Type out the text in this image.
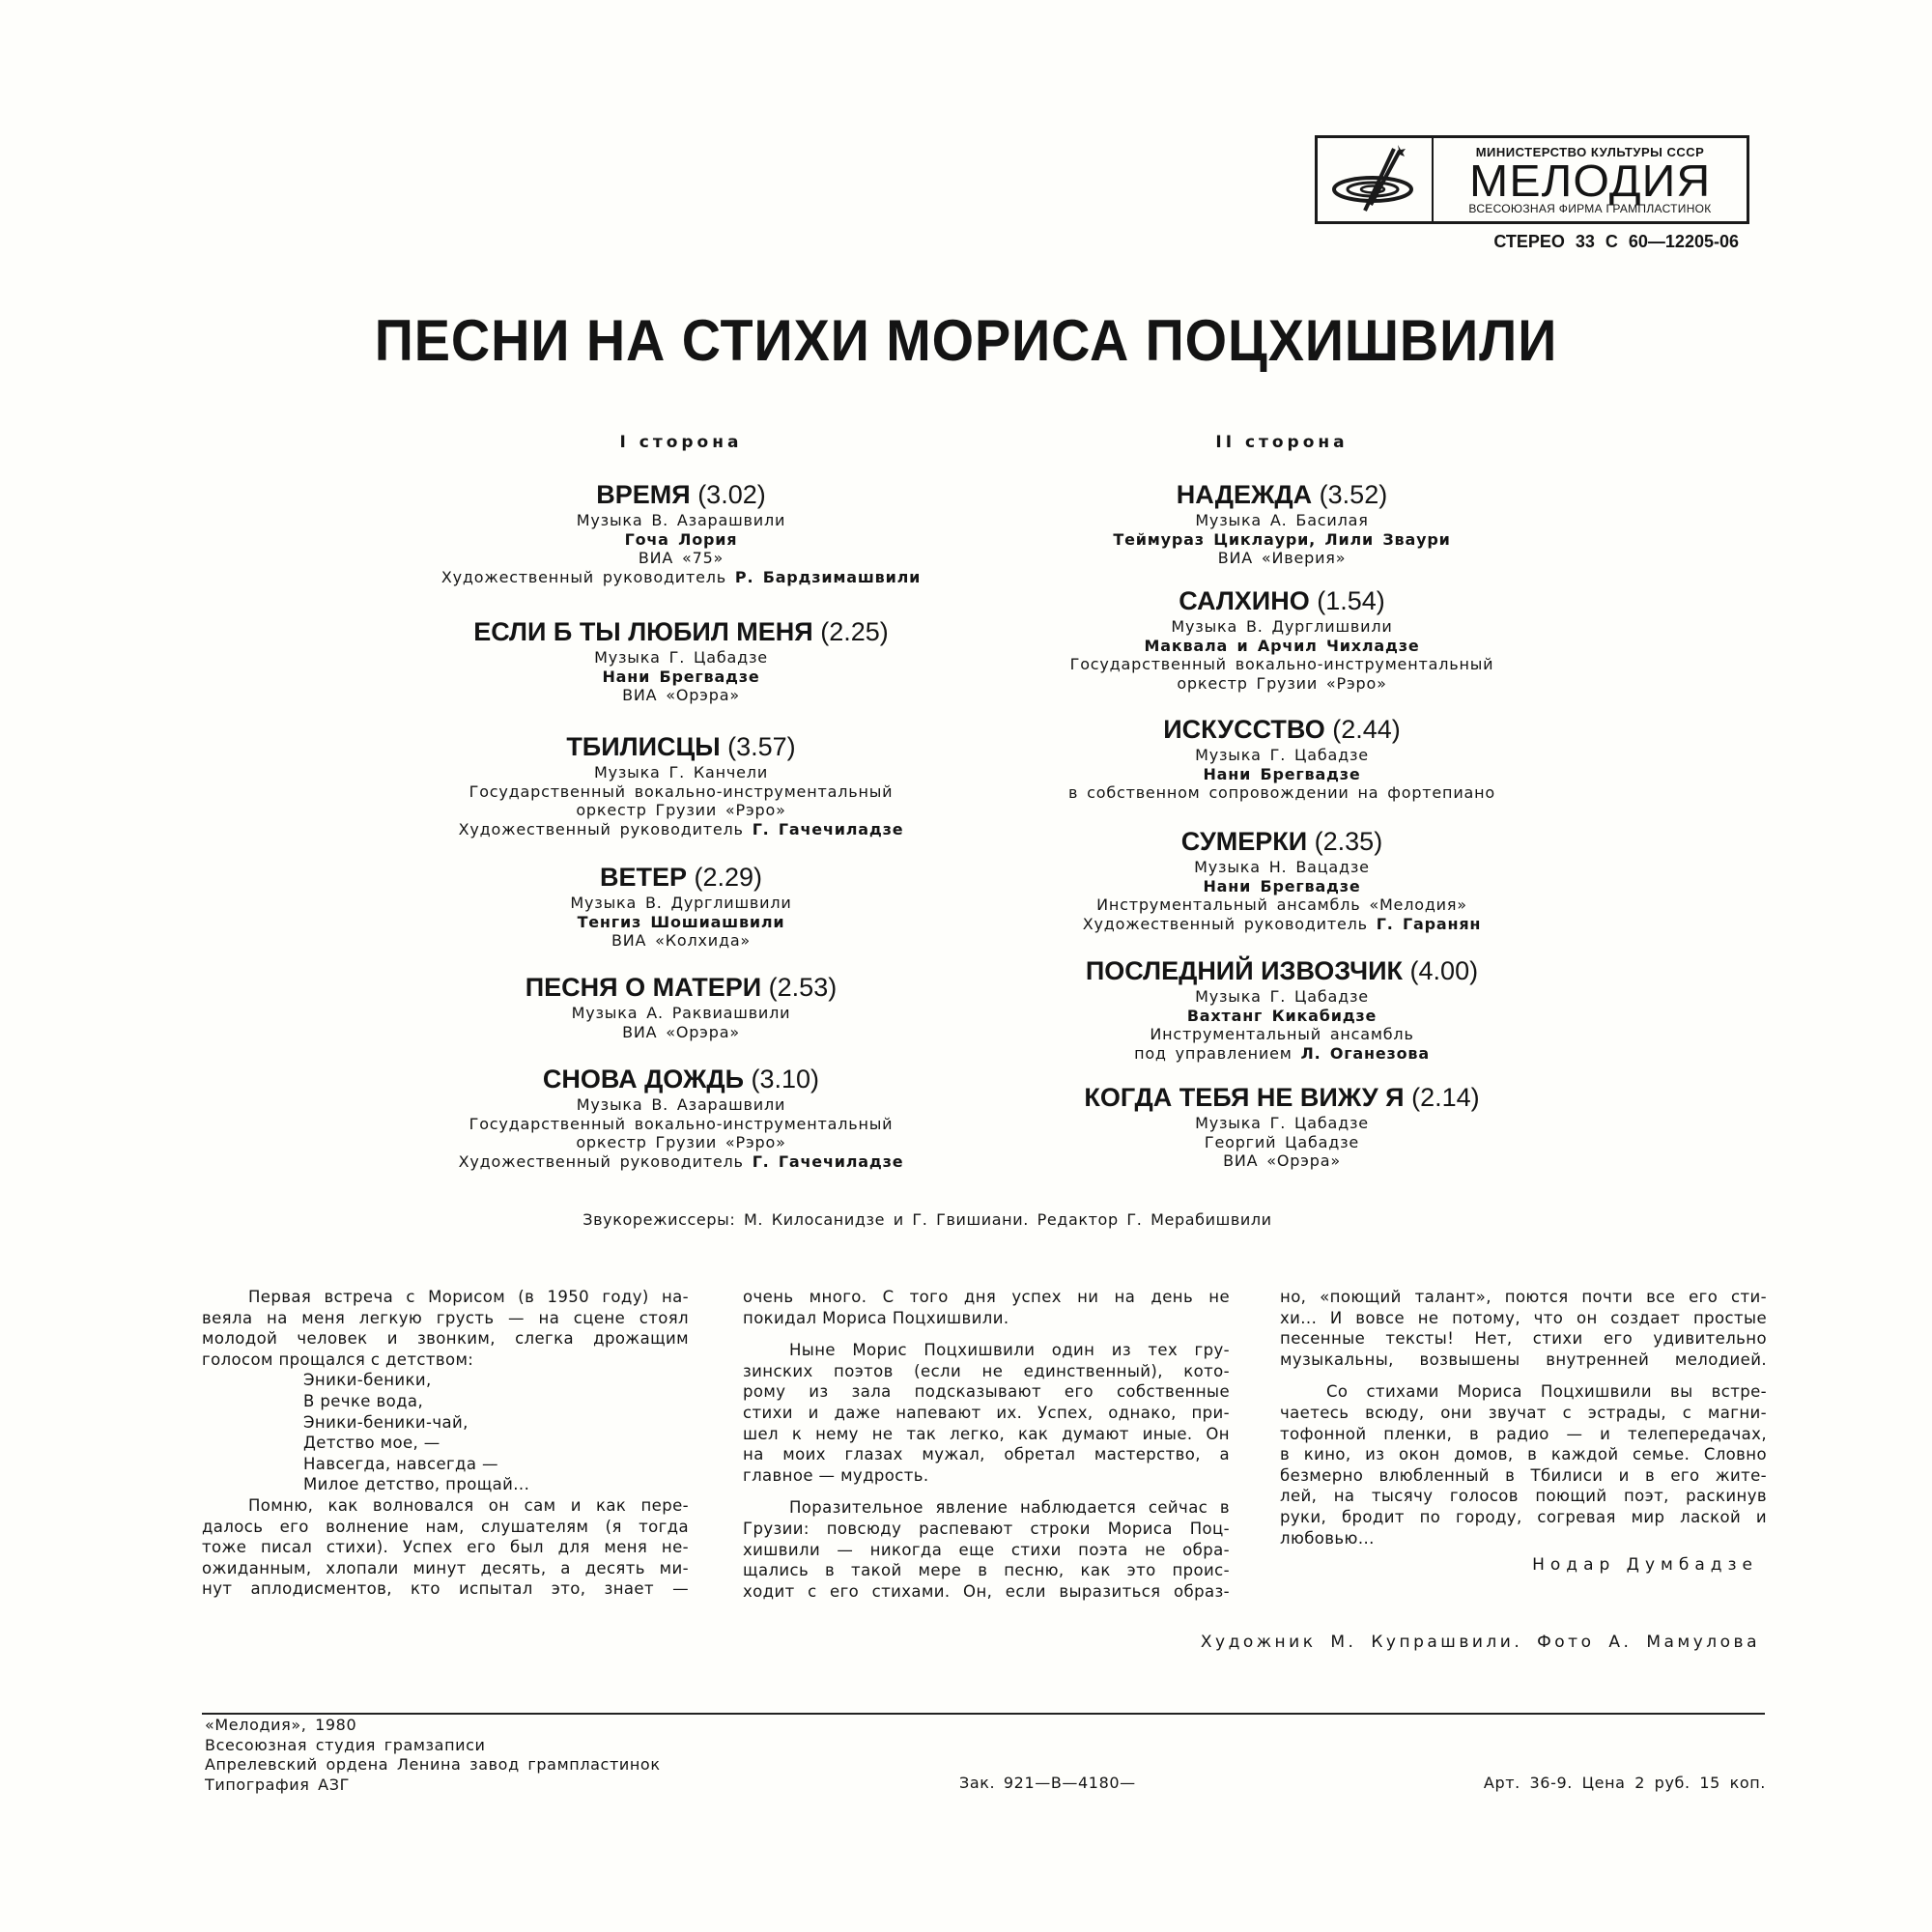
МИНИСТЕРСТВО КУЛЬТУРЫ СССР
МЕЛОДИЯ
ВСЕСОЮЗНАЯ ФИРМА ГРАМПЛАСТИНОК
СТЕРЕО 33 С 60—12205-06
ПЕСНИ НА СТИХИ МОРИСА ПОЦХИШВИЛИ
I сторона	II сторона
ВРЕМЯ (3.02)
Музыка В. Азарашвили
Гоча Лория
ВИА «75»
Художественный руководитель Р. Бардзимашвили
ЕСЛИ Б ТЫ ЛЮБИЛ МЕНЯ (2.25)
Музыка Г. Цабадзе
Нани Брегвадзе
ВИА «Орэра»
ТБИЛИСЦЫ (3.57)
Музыка Г. Канчели
Государственный вокально-инструментальный
оркестр Грузии «Рэро»
Художественный руководитель Г. Гачечиладзе
ВЕТЕР (2.29)
Музыка В. Дурглишвили
Тенгиз Шошиашвили
ВИА «Колхида»
ПЕСНЯ О МАТЕРИ (2.53)
Музыка А. Раквиашвили
ВИА «Орэра»
СНОВА ДОЖДЬ (3.10)
Музыка В. Азарашвили
Государственный вокально-инструментальный
оркестр Грузии «Рэро»
Художественный руководитель Г. Гачечиладзе
НАДЕЖДА (3.52)
Музыка А. Басилая
Теймураз Циклаури, Лили Зваури
ВИА «Иверия»
САЛХИНО (1.54)
Музыка В. Дурглишвили
Маквала и Арчил Чихладзе
Государственный вокально-инструментальный
оркестр Грузии «Рэро»
ИСКУССТВО (2.44)
Музыка Г. Цабадзе
Нани Брегвадзе
в собственном сопровождении на фортепиано
СУМЕРКИ (2.35)
Музыка Н. Вацадзе
Нани Брегвадзе
Инструментальный ансамбль «Мелодия»
Художественный руководитель Г. Гаранян
ПОСЛЕДНИЙ ИЗВОЗЧИК (4.00)
Музыка Г. Цабадзе
Вахтанг Кикабидзе
Инструментальный ансамбль
под управлением Л. Оганезова
КОГДА ТЕБЯ НЕ ВИЖУ Я (2.14)
Музыка Г. Цабадзе
Георгий Цабадзе
ВИА «Орэра»
Звукорежиссеры: М. Килосанидзе и Г. Гвишиани. Редактор Г. Мерабишвили
Первая встреча с Морисом (в 1950 году) на-
веяла на меня легкую грусть — на сцене стоял
молодой человек и звонким, слегка дрожащим
голосом прощался с детством:
Эники-беники,
В речке вода,
Эники-беники-чай,
Детство мое, —
Навсегда, навсегда —
Милое детство, прощай...
Помню, как волновался он сам и как пере-
далось его волнение нам, слушателям (я тогда
тоже писал стихи). Успех его был для меня не-
ожиданным, хлопали минут десять, а десять ми-
нут аплодисментов, кто испытал это, знает —
очень много. С того дня успех ни на день не
покидал Мориса Поцхишвили.
Ныне Морис Поцхишвили один из тех гру-
зинских поэтов (если не единственный), кото-
рому из зала подсказывают его собственные
стихи и даже напевают их. Успех, однако, при-
шел к нему не так легко, как думают иные. Он
на моих глазах мужал, обретал мастерство, а
главное — мудрость.
Поразительное явление наблюдается сейчас в
Грузии: повсюду распевают строки Мориса Поц-
хишвили — никогда еще стихи поэта не обра-
щались в такой мере в песню, как это проис-
ходит с его стихами. Он, если выразиться образ-
но, «поющий талант», поются почти все его сти-
хи... И вовсе не потому, что он создает простые
песенные тексты! Нет, стихи его удивительно
музыкальны, возвышены внутренней мелодией.
Со стихами Мориса Поцхишвили вы встре-
чаетесь всюду, они звучат с эстрады, с магни-
тофонной пленки, в радио — и телепередачах,
в кино, из окон домов, в каждой семье. Словно
безмерно влюбленный в Тбилиси и в его жите-
лей, на тысячу голосов поющий поэт, раскинув
руки, бродит по городу, согревая мир лаской и
любовью...
Нодар Думбадзе
Художник М. Купрашвили. Фото А. Мамулова
«Мелодия», 1980
Всесоюзная студия грамзаписи
Апрелевский ордена Ленина завод грампластинок
Типография АЗГ	Зак. 921—В—4180—	Арт. 36-9. Цена 2 руб. 15 коп.
